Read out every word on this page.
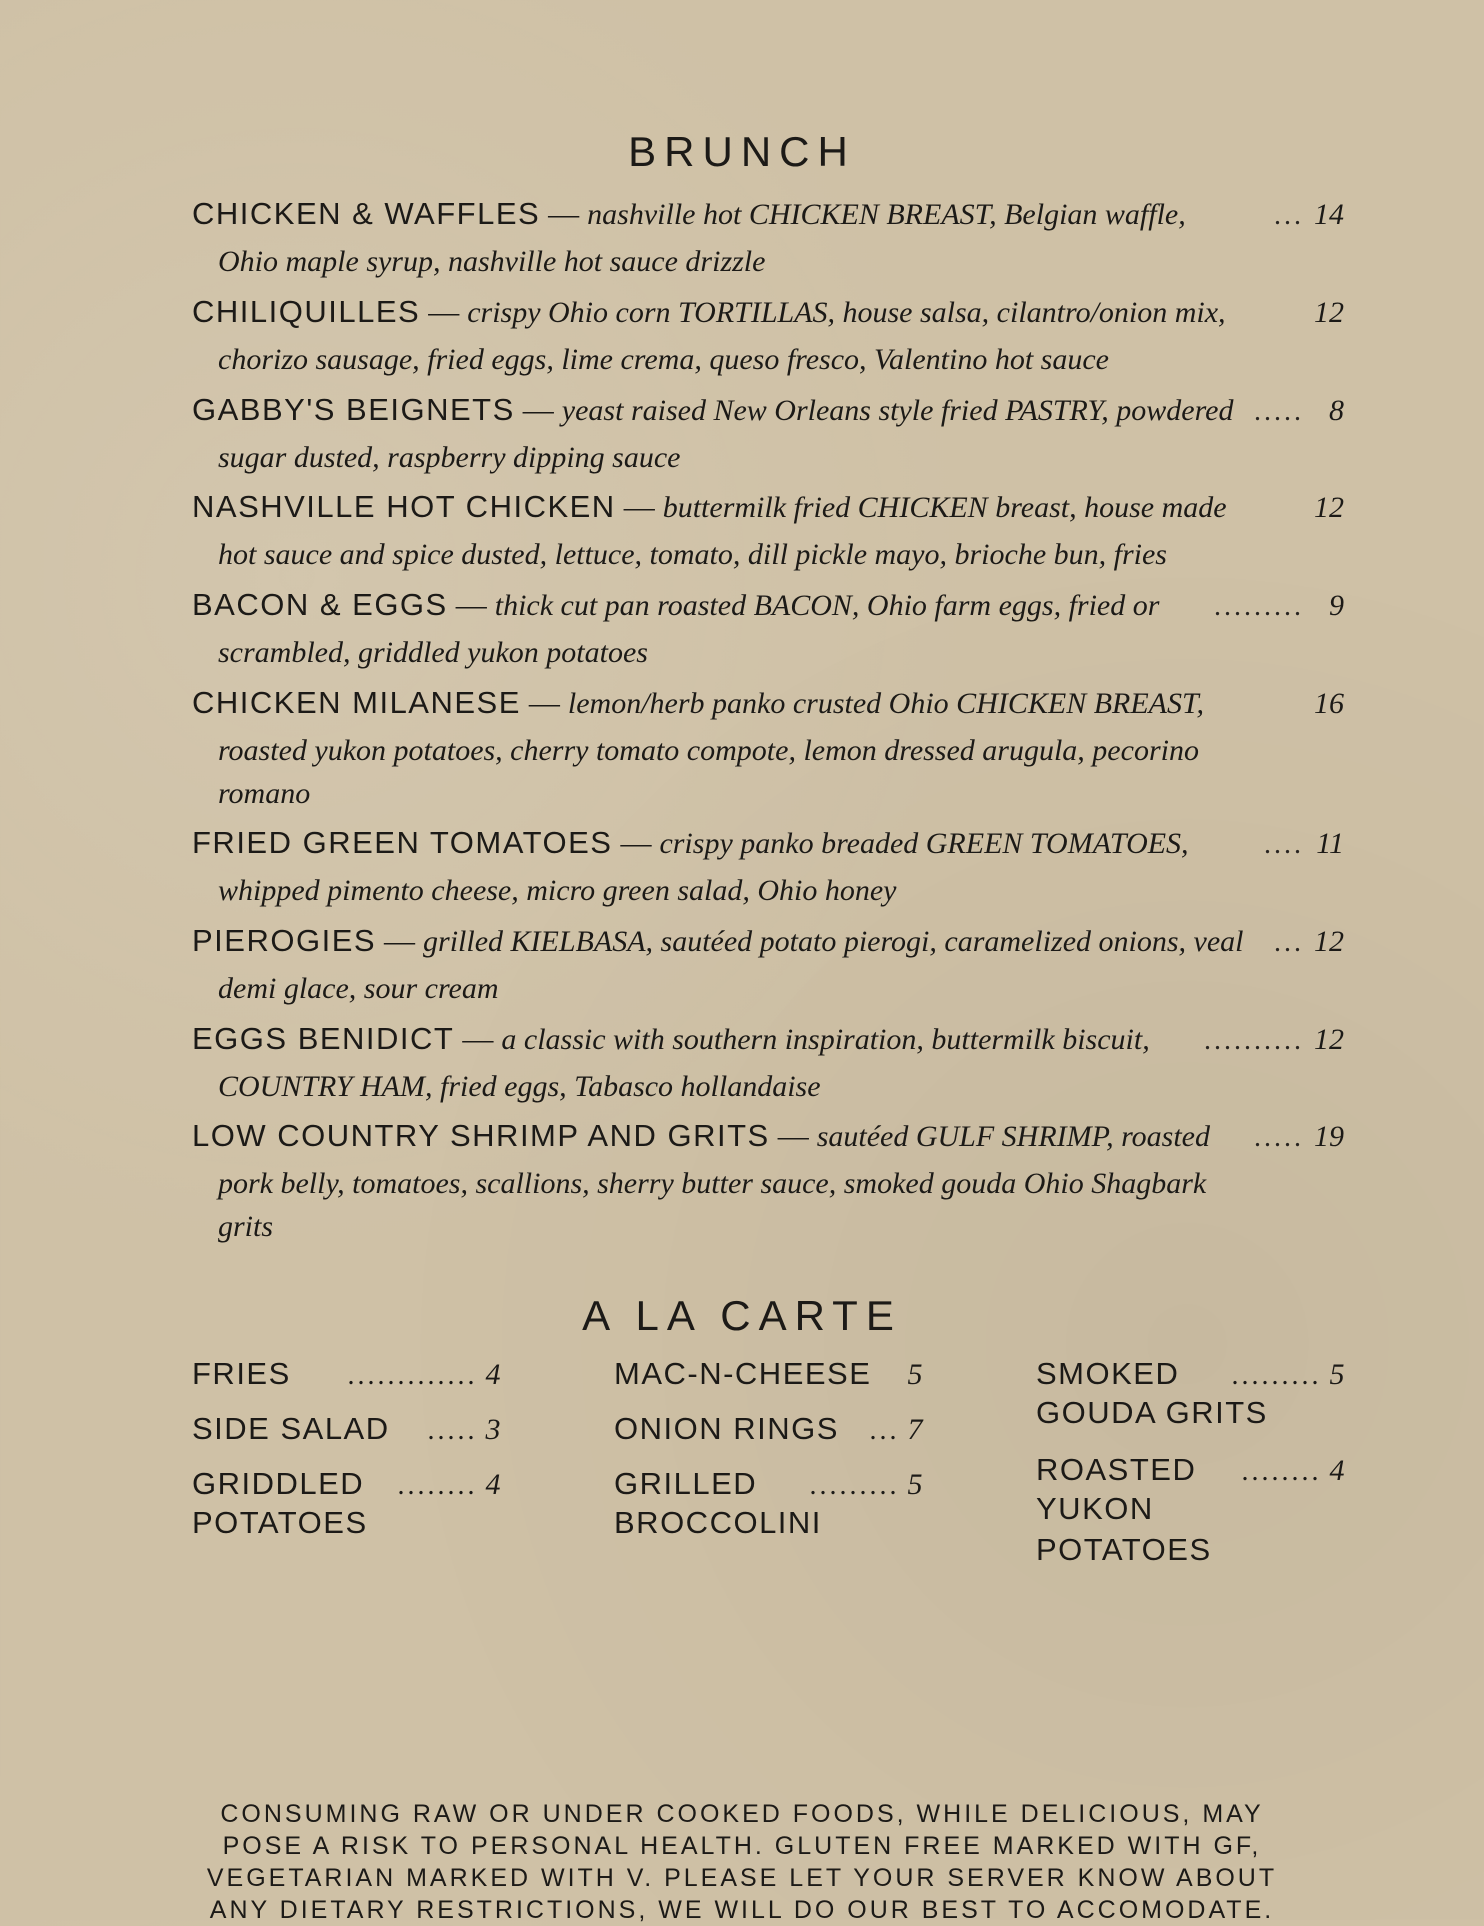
BRUNCH
CHICKEN & WAFFLES — nashville hot CHICKEN BREAST, Belgian waffle,	... 14
Ohio maple syrup, nashville hot sauce drizzle
CHILIQUILLES — crispy Ohio corn TORTILLAS, house salsa, cilantro/onion mix,	12
chorizo sausage, fried eggs, lime crema, queso fresco, Valentino hot sauce
GABBY'S BEIGNETS — yeast raised New Orleans style fried PASTRY, powdered ..... 8
sugar dusted, raspberry dipping sauce
NASHVILLE HOT CHICKEN — buttermilk fried CHICKEN breast, house made	12
hot sauce and spice dusted, lettuce, tomato, dill pickle mayo, brioche bun, fries
BACON & EGGS — thick cut pan roasted BACON, Ohio farm eggs, fried or	......... 9
scrambled, griddled yukon potatoes
CHICKEN MILANESE — lemon/herb panko crusted Ohio CHICKEN BREAST,	16
roasted yukon potatoes, cherry tomato compote, lemon dressed arugula, pecorino romano
FRIED GREEN TOMATOES — crispy panko breaded GREEN TOMATOES,	.... 11
whipped pimento cheese, micro green salad, Ohio honey
PIEROGIES — grilled KIELBASA, sautéed potato pierogi, caramelized onions, veal	... 12
demi glace, sour cream
EGGS BENIDICT — a classic with southern inspiration, buttermilk biscuit,	.......... 12
COUNTRY HAM, fried eggs, Tabasco hollandaise
LOW COUNTRY SHRIMP AND GRITS — sautéed GULF SHRIMP, roasted	..... 19
pork belly, tomatoes, scallions, sherry butter sauce, smoked gouda Ohio Shagbark grits
A LA CARTE
FRIES	............. 4
SIDE SALAD	..... 3
GRIDDLED	........ 4
POTATOES
MAC-N-CHEESE 5
ONION RINGS	... 7
GRILLED	......... 5
BROCCOLINI
SMOKED	......... 5
GOUDA GRITS
ROASTED	........ 4
YUKON POTATOES
CONSUMING RAW OR UNDER COOKED FOODS, WHILE DELICIOUS, MAY POSE A RISK TO PERSONAL HEALTH. GLUTEN FREE MARKED WITH GF, VEGETARIAN MARKED WITH V. PLEASE LET YOUR SERVER KNOW ABOUT ANY DIETARY RESTRICTIONS, WE WILL DO OUR BEST TO ACCOMODATE.
